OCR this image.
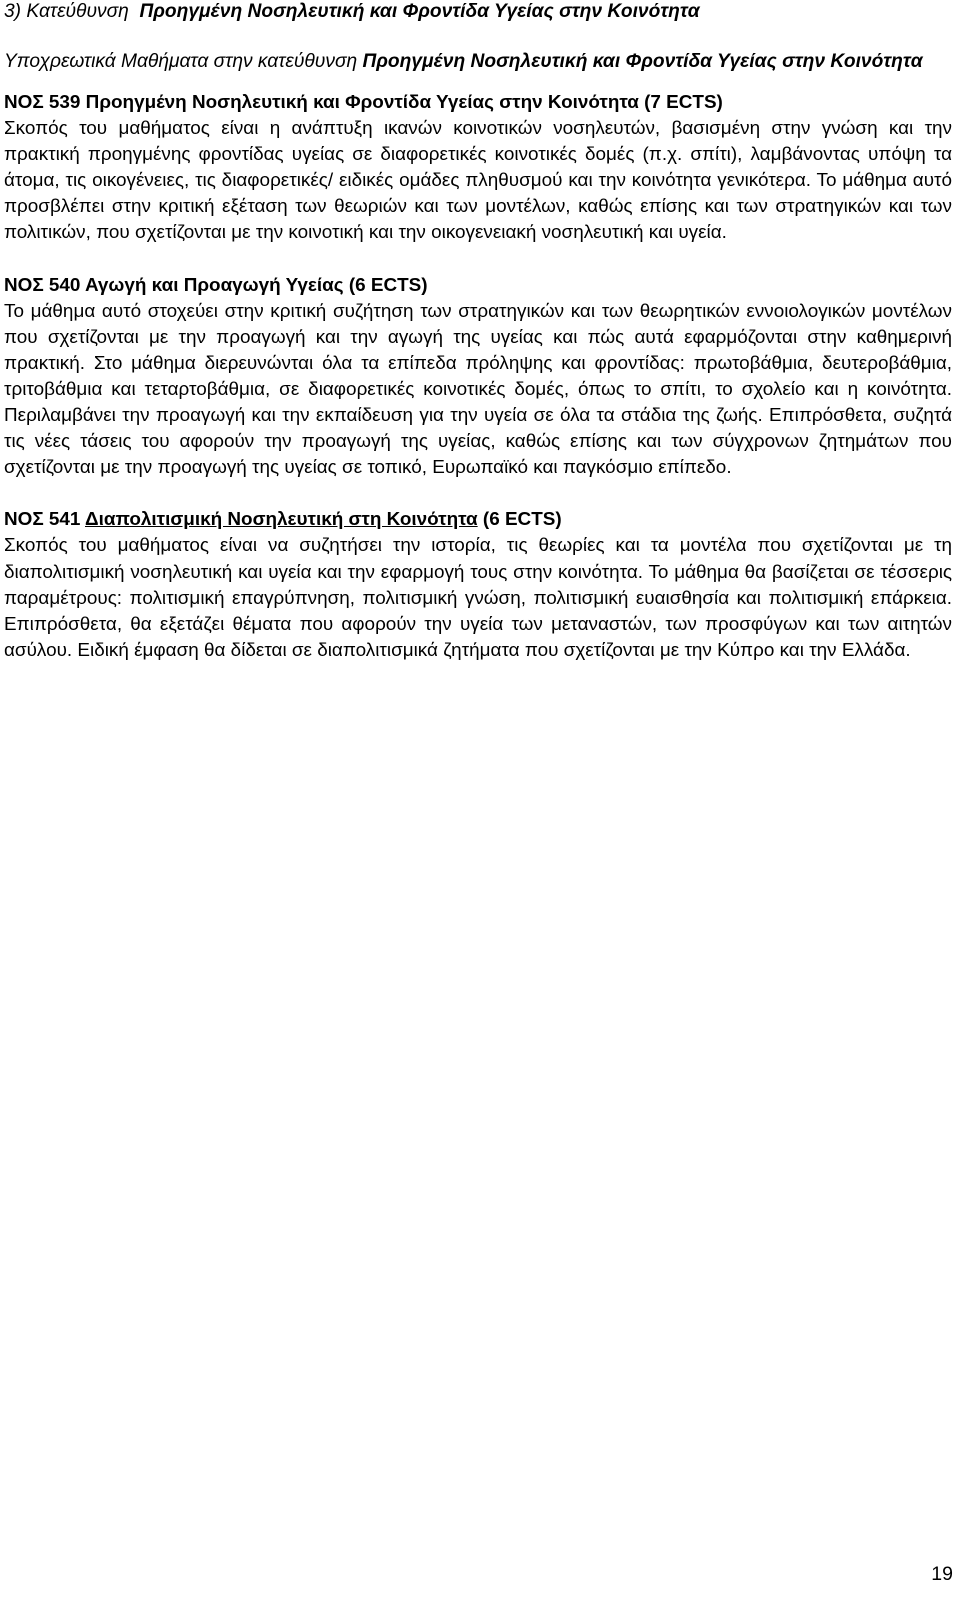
3) Κατεύθυνση Προηγμένη Νοσηλευτική και Φροντίδα Υγείας στην Κοινότητα
Υποχρεωτικά Μαθήματα στην κατεύθυνση Προηγμένη Νοσηλευτική και Φροντίδα Υγείας στην Κοινότητα
ΝΟΣ 539 Προηγμένη Νοσηλευτική και Φροντίδα Υγείας στην Κοινότητα (7 ECTS)
Σκοπός του μαθήματος είναι η ανάπτυξη ικανών κοινοτικών νοσηλευτών, βασισμένη στην γνώση και την πρακτική προηγμένης φροντίδας υγείας σε διαφορετικές κοινοτικές δομές (π.χ. σπίτι), λαμβάνοντας υπόψη τα άτομα, τις οικογένειες, τις διαφορετικές/ ειδικές ομάδες πληθυσμού και την κοινότητα γενικότερα. Το μάθημα αυτό προσβλέπει στην κριτική εξέταση των θεωριών και των μοντέλων, καθώς επίσης και των στρατηγικών και των πολιτικών, που σχετίζονται με την κοινοτική και την οικογενειακή νοσηλευτική και υγεία.
ΝΟΣ 540 Αγωγή και Προαγωγή Υγείας (6 ECTS)
Το μάθημα αυτό στοχεύει στην κριτική συζήτηση των στρατηγικών και των θεωρητικών εννοιολογικών μοντέλων που σχετίζονται με την προαγωγή και την αγωγή της υγείας και πώς αυτά εφαρμόζονται στην καθημερινή πρακτική. Στο μάθημα διερευνώνται όλα τα επίπεδα πρόληψης και φροντίδας: πρωτοβάθμια, δευτεροβάθμια, τριτοβάθμια και τεταρτοβάθμια, σε διαφορετικές κοινοτικές δομές, όπως το σπίτι, το σχολείο και η κοινότητα. Περιλαμβάνει την προαγωγή και την εκπαίδευση για την υγεία σε όλα τα στάδια της ζωής. Επιπρόσθετα, συζητά τις νέες τάσεις του αφορούν την προαγωγή της υγείας, καθώς επίσης και των σύγχρονων ζητημάτων που σχετίζονται με την προαγωγή της υγείας σε τοπικό, Ευρωπαϊκό και παγκόσμιο επίπεδο.
ΝΟΣ 541 Διαπολιτισμική Νοσηλευτική στη Κοινότητα (6 ECTS)
Σκοπός του μαθήματος είναι να συζητήσει την ιστορία, τις θεωρίες και τα μοντέλα που σχετίζονται με τη διαπολιτισμική νοσηλευτική και υγεία και την εφαρμογή τους στην κοινότητα. Το μάθημα θα βασίζεται σε τέσσερις παραμέτρους: πολιτισμική επαγρύπνηση, πολιτισμική γνώση, πολιτισμική ευαισθησία και πολιτισμική επάρκεια. Επιπρόσθετα, θα εξετάζει θέματα που αφορούν την υγεία των μεταναστών, των προσφύγων και των αιτητών ασύλου. Ειδική έμφαση θα δίδεται σε διαπολιτισμικά ζητήματα που σχετίζονται με την Κύπρο και την Ελλάδα.
19
